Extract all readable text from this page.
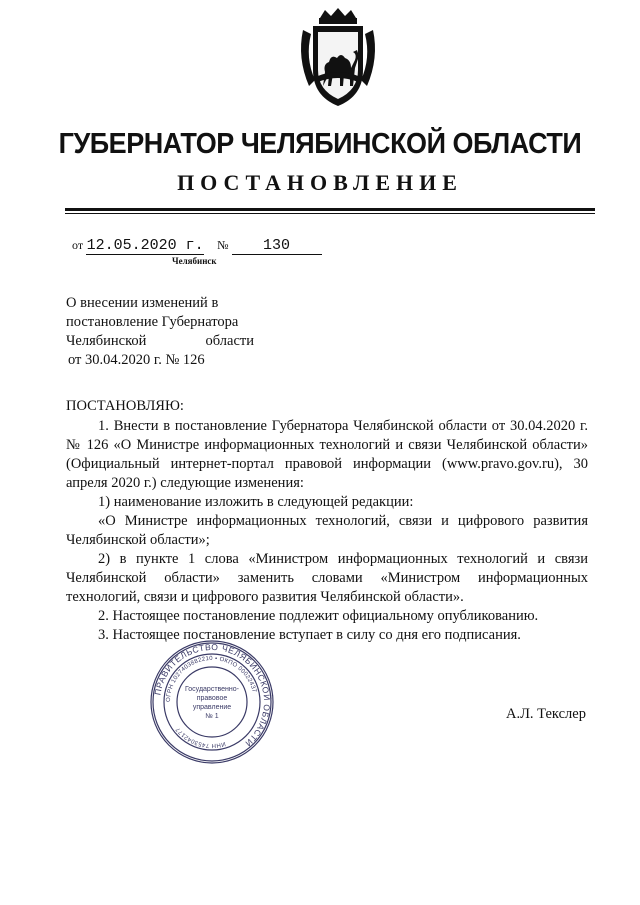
ГУБЕРНАТОР ЧЕЛЯБИНСКОЙ ОБЛАСТИ
ПОСТАНОВЛЕНИЕ
от 12.05.2020 г. № 130
Челябинск
О внесении изменений в
постановление Губернатора
Челябинской	области
от 30.04.2020 г. № 126
ПОСТАНОВЛЯЮ:

1. Внести в постановление Губернатора Челябинской области от 30.04.2020 г. № 126 «О Министре информационных технологий и связи Челябинской области» (Официальный интернет-портал правовой информации (www.pravo.gov.ru), 30 апреля 2020 г.) следующие изменения:

1) наименование изложить в следующей редакции:

«О Министре информационных технологий, связи и цифрового развития Челябинской области»;

2) в пункте 1 слова «Министром информационных технологий и связи Челябинской области» заменить словами «Министром информационных технологий, связи и цифрового развития Челябинской области».

2. Настоящее постановление подлежит официальному опубликованию.

3. Настоящее постановление вступает в силу со дня его подписания.

ПРАВИТЕЛЬСТВО ЧЕЛЯБИНСКОЙ ОБЛАСТИ
ОГРН 1027403882210 • ОКПО 00022437
ИНН 7453042177
Государственно-
правовое
управление
№ 1	А.Л. Текслер
